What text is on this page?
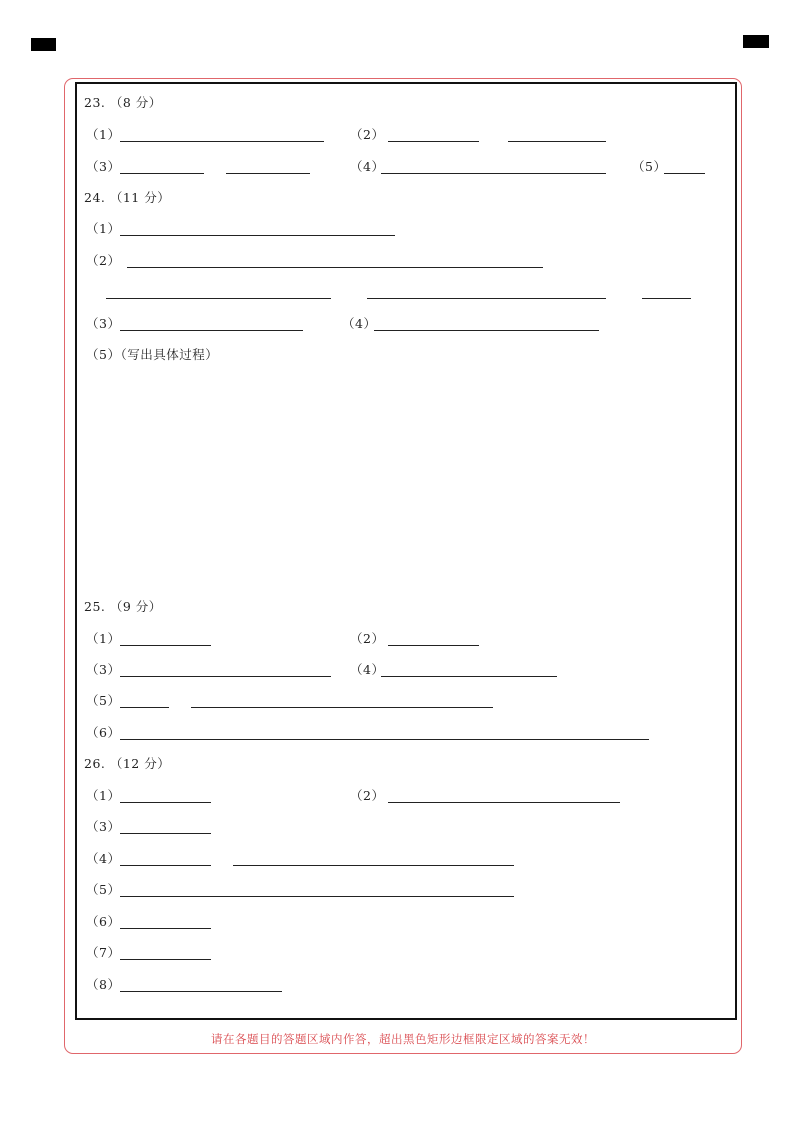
23. （8 分）
（1）	（2）
（3）	（4）	（5）
24. （11 分）
（1）
（2）
（3）	（4）
（5）（写出具体过程）
25. （9 分）
（1）	（2）
（3）	（4）
（5）
（6）
26. （12 分）
（1）	（2）
（3）
（4）
（5）
（6）
（7）
（8）
请在各题目的答题区域内作答，超出黑色矩形边框限定区域的答案无效！
